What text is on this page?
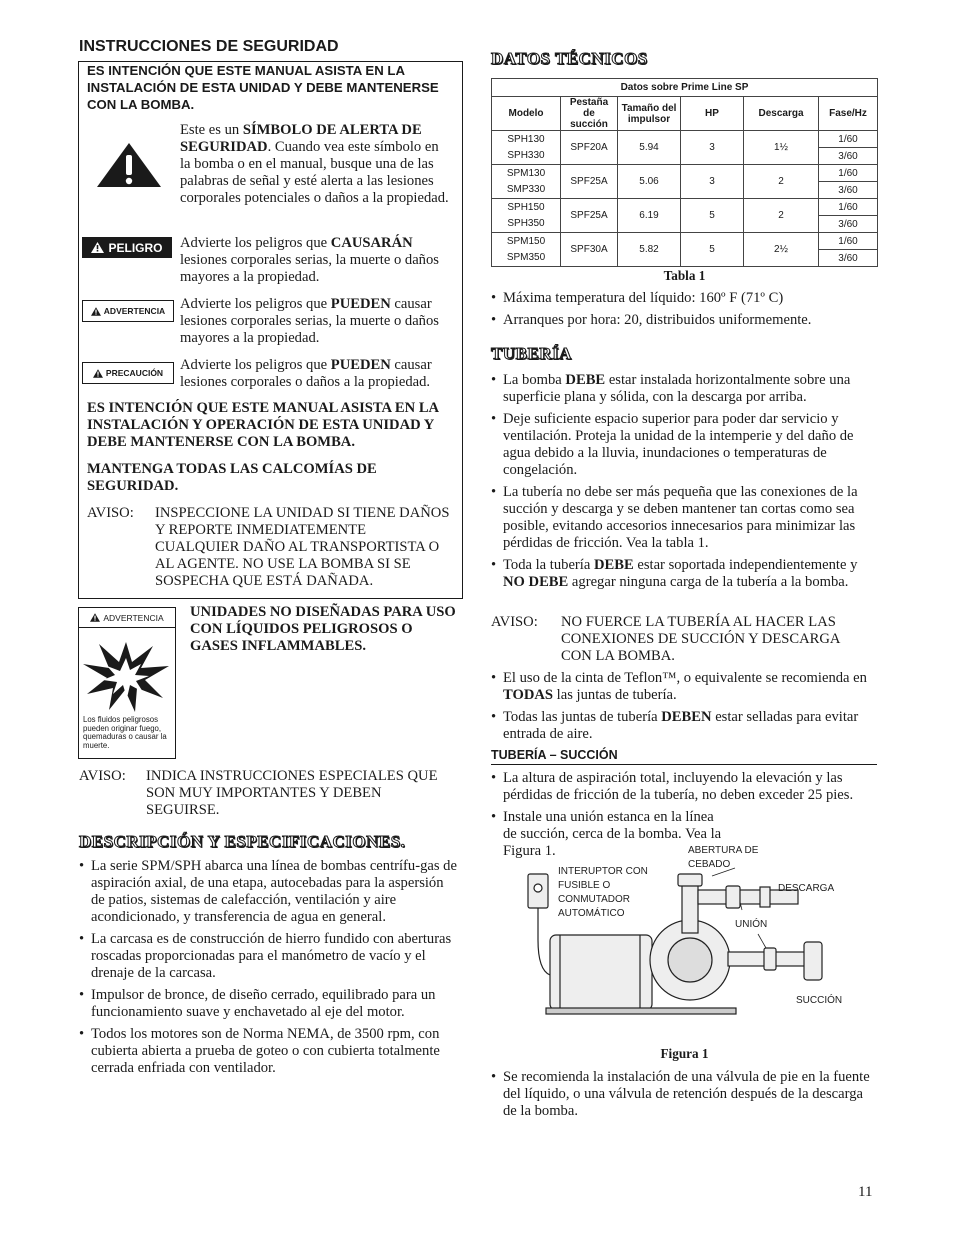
INSTRUCCIONES DE SEGURIDAD
ES INTENCIÓN QUE ESTE MANUAL ASISTA EN LA INSTALACIÓN DE ESTA UNIDAD Y DEBE MANTENERSE CON LA BOMBA.
Este es un SÍMBOLO DE ALERTA DE SEGURIDAD. Cuando vea este símbolo en la bomba o en el manual, busque una de las palabras de señal y esté alerta a las lesiones corporales potenciales o daños a la propiedad.
PELIGRO Advierte los peligros que CAUSARÁN lesiones corporales serias, la muerte o daños mayores a la propiedad.
ADVERTENCIA Advierte los peligros que PUEDEN causar lesiones corporales serias, la muerte o daños mayores a la propiedad.
PRECAUCIÓN Advierte los peligros que PUEDEN causar lesiones corporales o daños a la propiedad.
ES INTENCIÓN QUE ESTE MANUAL ASISTA EN LA INSTALACIÓN Y OPERACIÓN DE ESTA UNIDAD Y DEBE MANTENERSE CON LA BOMBA.
MANTENGA TODAS LAS CALCOMÍAS DE SEGURIDAD.
AVISO: INSPECCIONE LA UNIDAD SI TIENE DAÑOS Y REPORTE INMEDIATEMENTE CUALQUIER DAÑO AL TRANSPORTISTA O AL AGENTE. NO USE LA BOMBA SI SE SOSPECHA QUE ESTÁ DAÑADA.
ADVERTENCIA
Los fluidos peligrosos pueden originar fuego, quemaduras o causar la muerte.
UNIDADES NO DISEÑADAS PARA USO CON LÍQUIDOS PELIGROSOS O GASES INFLAMMABLES.
AVISO: INDICA INSTRUCCIONES ESPECIALES QUE SON MUY IMPORTANTES Y DEBEN SEGUIRSE.
DESCRIPCIÓN Y ESPECIFICACIONES.
• La serie SPM/SPH abarca una línea de bombas centrífu-gas de aspiración axial, de una etapa, autocebadas para la aspersión de patios, sistemas de calefacción, ventilación y aire acondicionado, y transferencia de agua en general.
• La carcasa es de construcción de hierro fundido con aberturas roscadas proporcionadas para el manómetro de vacío y el drenaje de la carcasa.
• Impulsor de bronce, de diseño cerrado, equilibrado para un funcionamiento suave y enchavetado al eje del motor.
• Todos los motores son de Norma NEMA, de 3500 rpm, con cubierta abierta a prueba de goteo o con cubierta totalmente cerrada enfriada con ventilador.
DATOS TÉCNICOS
Datos sobre Prime Line SP					
Modelo	Pestaña de succión	Tamaño del impulsor	HP	Descarga	Fase/Hz
SPH130	SPF20A	5.94	3	1½	1/60
SPH330					3/60
SPM130	SPF25A	5.06	3	2	1/60
SMP330					3/60
SPH150	SPF25A	6.19	5	2	1/60
SPH350					3/60
SPM150	SPF30A	5.82	5	2½	1/60
SPM350					3/60
Tabla 1
• Máxima temperatura del líquido: 160º F (71º C)
• Arranques por hora: 20, distribuidos uniformemente.
TUBERÍA
• La bomba DEBE estar instalada horizontalmente sobre una superficie plana y sólida, con la descarga por arriba.
• Deje suficiente espacio superior para poder dar servicio y ventilación. Proteja la unidad de la intemperie y del daño de agua debido a la lluvia, inundaciones o temperaturas de congelación.
• La tubería no debe ser más pequeña que las conexiones de la succión y descarga y se deben mantener tan cortas como sea posible, evitando accesorios innecesarios para minimizar las pérdidas de fricción. Vea la tabla 1.
• Toda la tubería DEBE estar soportada independientemente y NO DEBE agregar ninguna carga de la tubería a la bomba.
AVISO: NO FUERCE LA TUBERÍA AL HACER LAS CONEXIONES DE SUCCIÓN Y DESCARGA CON LA BOMBA.
• El uso de la cinta de Teflon™, o equivalente se recomienda en TODAS las juntas de tubería.
• Todas las juntas de tubería DEBEN estar selladas para evitar entrada de aire.
TUBERÍA – SUCCIÓN
• La altura de aspiración total, incluyendo la elevación y las pérdidas de fricción de la tubería, no deben exceder 25 pies.
• Instale una unión estanca en la línea de succión, cerca de la bomba. Vea la Figura 1.
INTERUPTOR CON FUSIBLE O CONMUTADOR AUTOMÁTICO
ABERTURA DE CEBADO
DESCARGA
UNIÓN
SUCCIÓN
Figura 1
• Se recomienda la instalación de una válvula de pie en la fuente del líquido, o una válvula de retención después de la descarga de la bomba.
11
